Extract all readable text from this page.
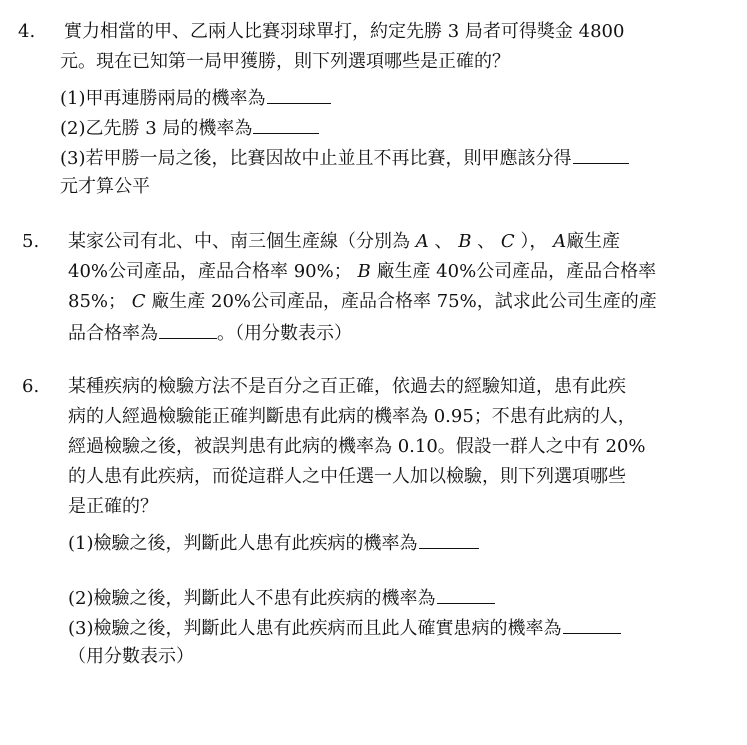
4. 實力相當的甲、乙兩人比賽羽球單打，約定先勝 3 局者可得獎金 4800
元。現在已知第一局甲獲勝，則下列選項哪些是正確的？
(1)甲再連勝兩局的機率為
(2)乙先勝 3 局的機率為
(3)若甲勝一局之後，比賽因故中止並且不再比賽，則甲應該分得
元才算公平
5. 某家公司有北、中、南三個生產線（分別為 A 、 B 、 C ）， A廠生產
40%公司產品，產品合格率 90%； B 廠生產 40%公司產品，產品合格率
85%； C 廠生產 20%公司產品，產品合格率 75%，試求此公司生產的產
品合格率為	。（用分數表示）
6. 某種疾病的檢驗方法不是百分之百正確，依過去的經驗知道，患有此疾
病的人經過檢驗能正確判斷患有此病的機率為 0.95；不患有此病的人，
經過檢驗之後，被誤判患有此病的機率為 0.10。假設一群人之中有 20%
的人患有此疾病，而從這群人之中任選一人加以檢驗，則下列選項哪些
是正確的？
(1)檢驗之後，判斷此人患有此疾病的機率為
(2)檢驗之後，判斷此人不患有此疾病的機率為
(3)檢驗之後，判斷此人患有此疾病而且此人確實患病的機率為
（用分數表示）
